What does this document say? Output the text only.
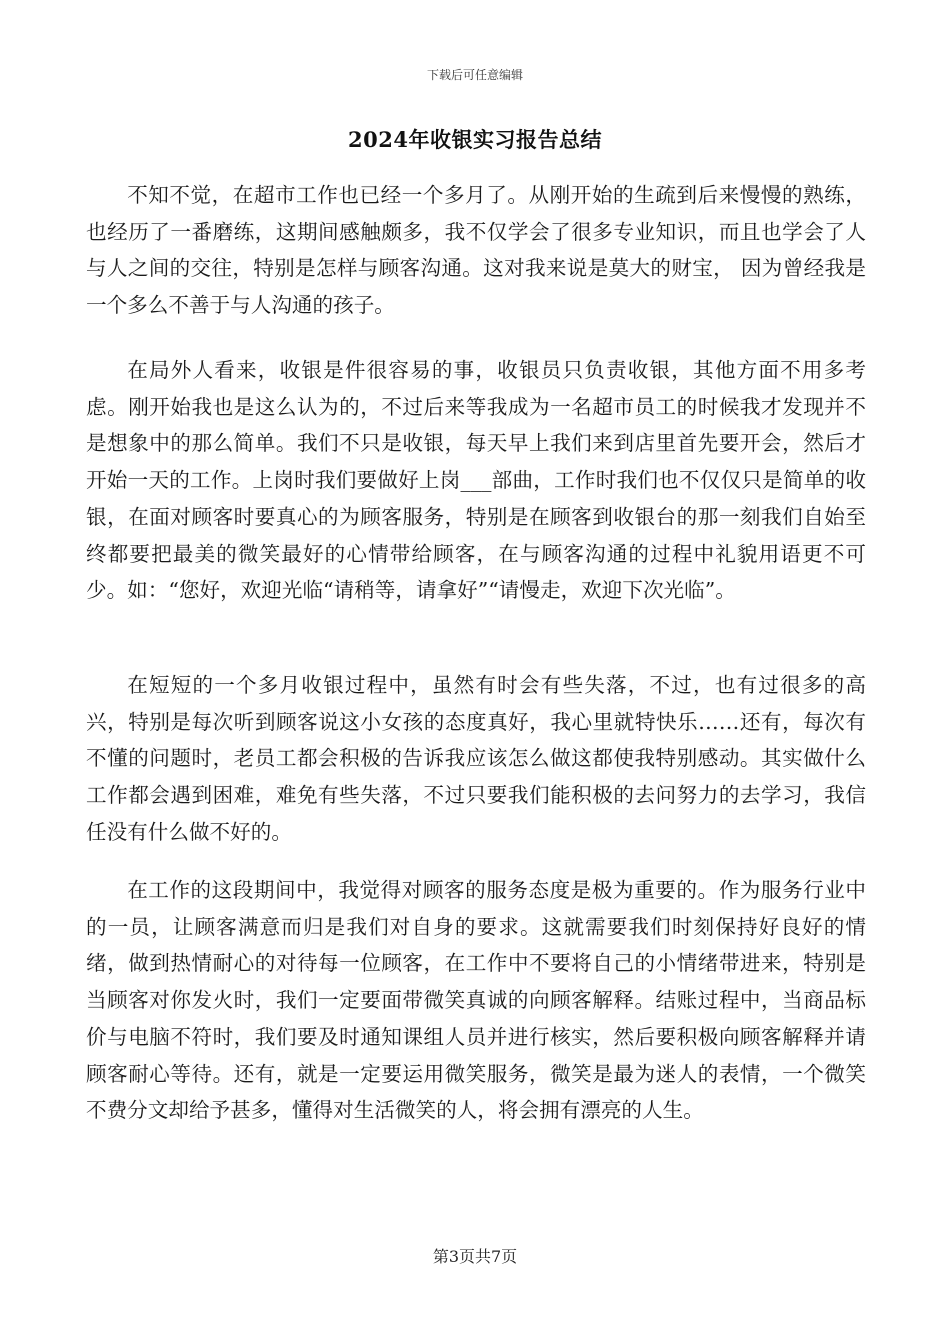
下载后可任意编辑
2024年收银实习报告总结

不知不觉，在超市工作也已经一个多月了。从刚开始的生疏到后来慢慢的熟练，也经历了一番磨练，这期间感触颇多，我不仅学会了很多专业知识，而且也学会了人与人之间的交往，特别是怎样与顾客沟通。这对我来说是莫大的财宝， 因为曾经我是一个多么不善于与人沟通的孩子。

在局外人看来，收银是件很容易的事，收银员只负责收银，其他方面不用多考虑。刚开始我也是这么认为的，不过后来等我成为一名超市员工的时候我才发现并不是想象中的那么简单。我们不只是收银，每天早上我们来到店里首先要开会，然后才开始一天的工作。上岗时我们要做好上岗___部曲，工作时我们也不仅仅只是简单的收银，在面对顾客时要真心的为顾客服务，特别是在顾客到收银台的那一刻我们自始至终都要把最美的微笑最好的心情带给顾客，在与顾客沟通的过程中礼貌用语更不可少。如：“您好，欢迎光临“请稍等，请拿好”“请慢走，欢迎下次光临”。

在短短的一个多月收银过程中，虽然有时会有些失落，不过，也有过很多的高兴，特别是每次听到顾客说这小女孩的态度真好，我心里就特快乐……还有，每次有不懂的问题时，老员工都会积极的告诉我应该怎么做这都使我特别感动。其实做什么工作都会遇到困难，难免有些失落，不过只要我们能积极的去问努力的去学习，我信任没有什么做不好的。

在工作的这段期间中，我觉得对顾客的服务态度是极为重要的。作为服务行业中的一员，让顾客满意而归是我们对自身的要求。这就需要我们时刻保持好良好的情绪，做到热情耐心的对待每一位顾客，在工作中不要将自己的小情绪带进来，特别是当顾客对你发火时，我们一定要面带微笑真诚的向顾客解释。结账过程中，当商品标价与电脑不符时，我们要及时通知课组人员并进行核实，然后要积极向顾客解释并请顾客耐心等待。还有，就是一定要运用微笑服务，微笑是最为迷人的表情，一个微笑不费分文却给予甚多，懂得对生活微笑的人，将会拥有漂亮的人生。

第3页共7页
